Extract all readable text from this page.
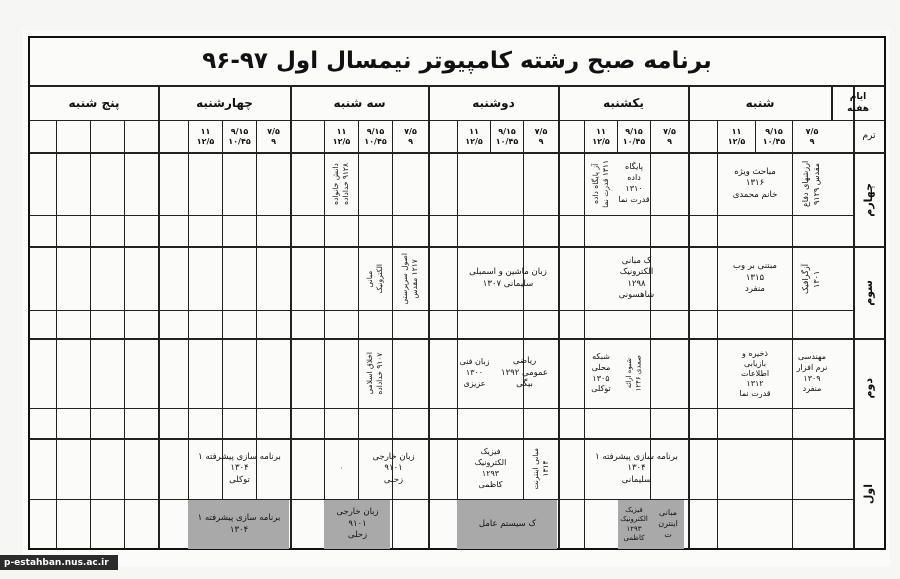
برنامه صبح رشته کامپیوتر نیمسال اول ۹۷-۹۶
ایام
هفته
ترم
شنبه
یکشنبه
دوشنبه
سه شنبه
چهارشنبه
پنج شنبه
۷/۵
۹
۹/۱۵
۱۰/۴۵
۱۱
۱۲/۵
۷/۵
۹
۹/۱۵
۱۰/۴۵
۱۱
۱۲/۵
۷/۵
۹
۹/۱۵
۱۰/۴۵
۱۱
۱۲/۵
۷/۵
۹
۹/۱۵
۱۰/۴۵
۱۱
۱۲/۵
۷/۵
۹
۹/۱۵
۱۰/۴۵
۱۱
۱۲/۵
چهارم
سوم
دوم
اول
ارزشهای دفاع مقدس ۹۱۲۹
مباحث ویژه
۱۳۱۶
خانم محمدی
پایگاه
داده
۱۳۱۰
قدرت نما
آز پایگاه داده
۱۳۱۱ قدرت نما
دانش خانواده
۹۱۲۸ خداداده
آزگرافیک
۱۳۰۱
مبتنی بر وب
۱۳۱۵
منفرد
ک مبانی
الکترونیک
۱۲۹۸
شاهسونی
زبان ماشین و اسمبلی
سلیمانی ۱۳۰۷
اصول سرپرستی
۱۲۱۷ مقدس
مبانی
الکترونیک
مهندسی
نرم افزار
۱۳۰۹
منفرد
ذخیره و
بازیابی
اطلاعات
۱۳۱۲
قدرت نما
شبوه ارائه
صمدی ۱۲۴۶
شبکه
محلی
۱۳۰۵
توکلی
ریاضی
عمومی ۱۲۹۲
بیگی
زبان فنی
۱۳۰۰
عزیزی
اخلاق اسلامی
۹۱۰۷ خداداده
برنامه سازی پیشرفته ۱
۱۳۰۴
سلیمانی
فیزیک
الکترونیک
۱۲۹۳
کاظمی
مبانی اینترنت
۱۳۱۴
زبان خارجی
۹۱۰۱
زحلی
۰
برنامه سازی پیشرفته ۱
۱۳۰۴
توکلی
مبانی
اینترن
ت
فیزیک
الکترونیک
۱۲۹۳
کاظمی
ک سیستم عامل
زبان خارجی
۹۱۰۱
زحلی
برنامه سازی پیشرفته ۱
۱۳۰۴
p-estahban.nus.ac.ir
